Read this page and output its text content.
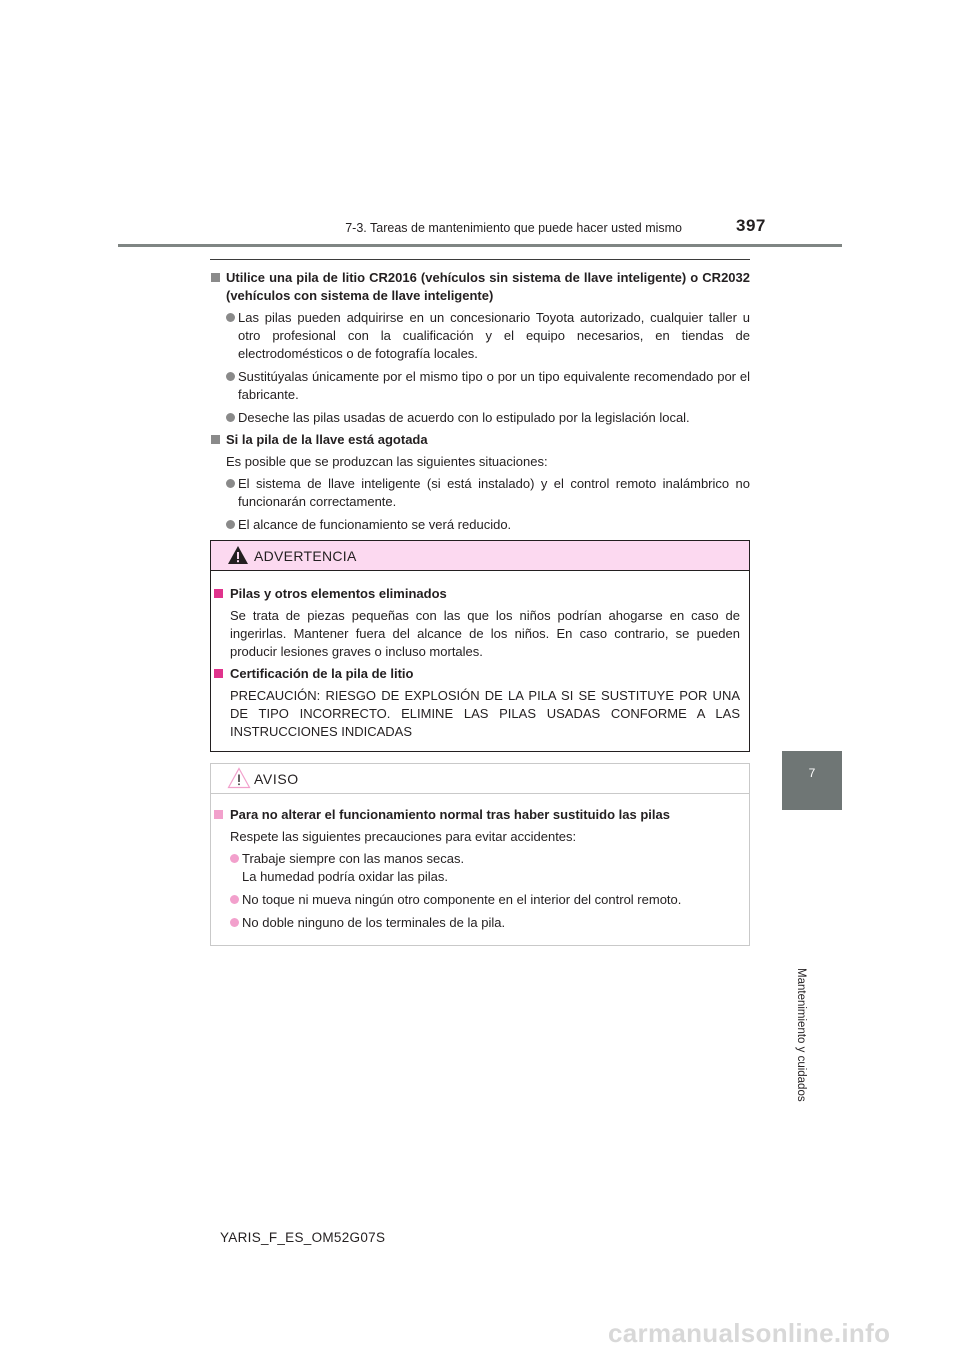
7-3. Tareas de mantenimiento que puede hacer usted mismo	397
7
Mantenimiento y cuidados
Utilice una pila de litio CR2016 (vehículos sin sistema de llave inteligente) o CR2032 (vehículos con sistema de llave inteligente)
Las pilas pueden adquirirse en un concesionario Toyota autorizado, cualquier taller u otro profesional con la cualificación y el equipo necesarios, en tiendas de electrodomésticos o de fotografía locales.
Sustitúyalas únicamente por el mismo tipo o por un tipo equivalente recomendado por el fabricante.
Deseche las pilas usadas de acuerdo con lo estipulado por la legislación local.
Si la pila de la llave está agotada
Es posible que se produzcan las siguientes situaciones:
El sistema de llave inteligente (si está instalado) y el control remoto inalámbrico no funcionarán correctamente.
El alcance de funcionamiento se verá reducido.
ADVERTENCIA
Pilas y otros elementos eliminados
Se trata de piezas pequeñas con las que los niños podrían ahogarse en caso de ingerirlas. Mantener fuera del alcance de los niños. En caso contrario, se pueden producir lesiones graves o incluso mortales.
Certificación de la pila de litio
PRECAUCIÓN: RIESGO DE EXPLOSIÓN DE LA PILA SI SE SUSTITUYE POR UNA DE TIPO INCORRECTO. ELIMINE LAS PILAS USADAS CONFORME A LAS INSTRUCCIONES INDICADAS
AVISO
Para no alterar el funcionamiento normal tras haber sustituido las pilas
Respete las siguientes precauciones para evitar accidentes:
Trabaje siempre con las manos secas.
La humedad podría oxidar las pilas.
No toque ni mueva ningún otro componente en el interior del control remoto.
No doble ninguno de los terminales de la pila.
YARIS_F_ES_OM52G07S
carmanualsonline.info
